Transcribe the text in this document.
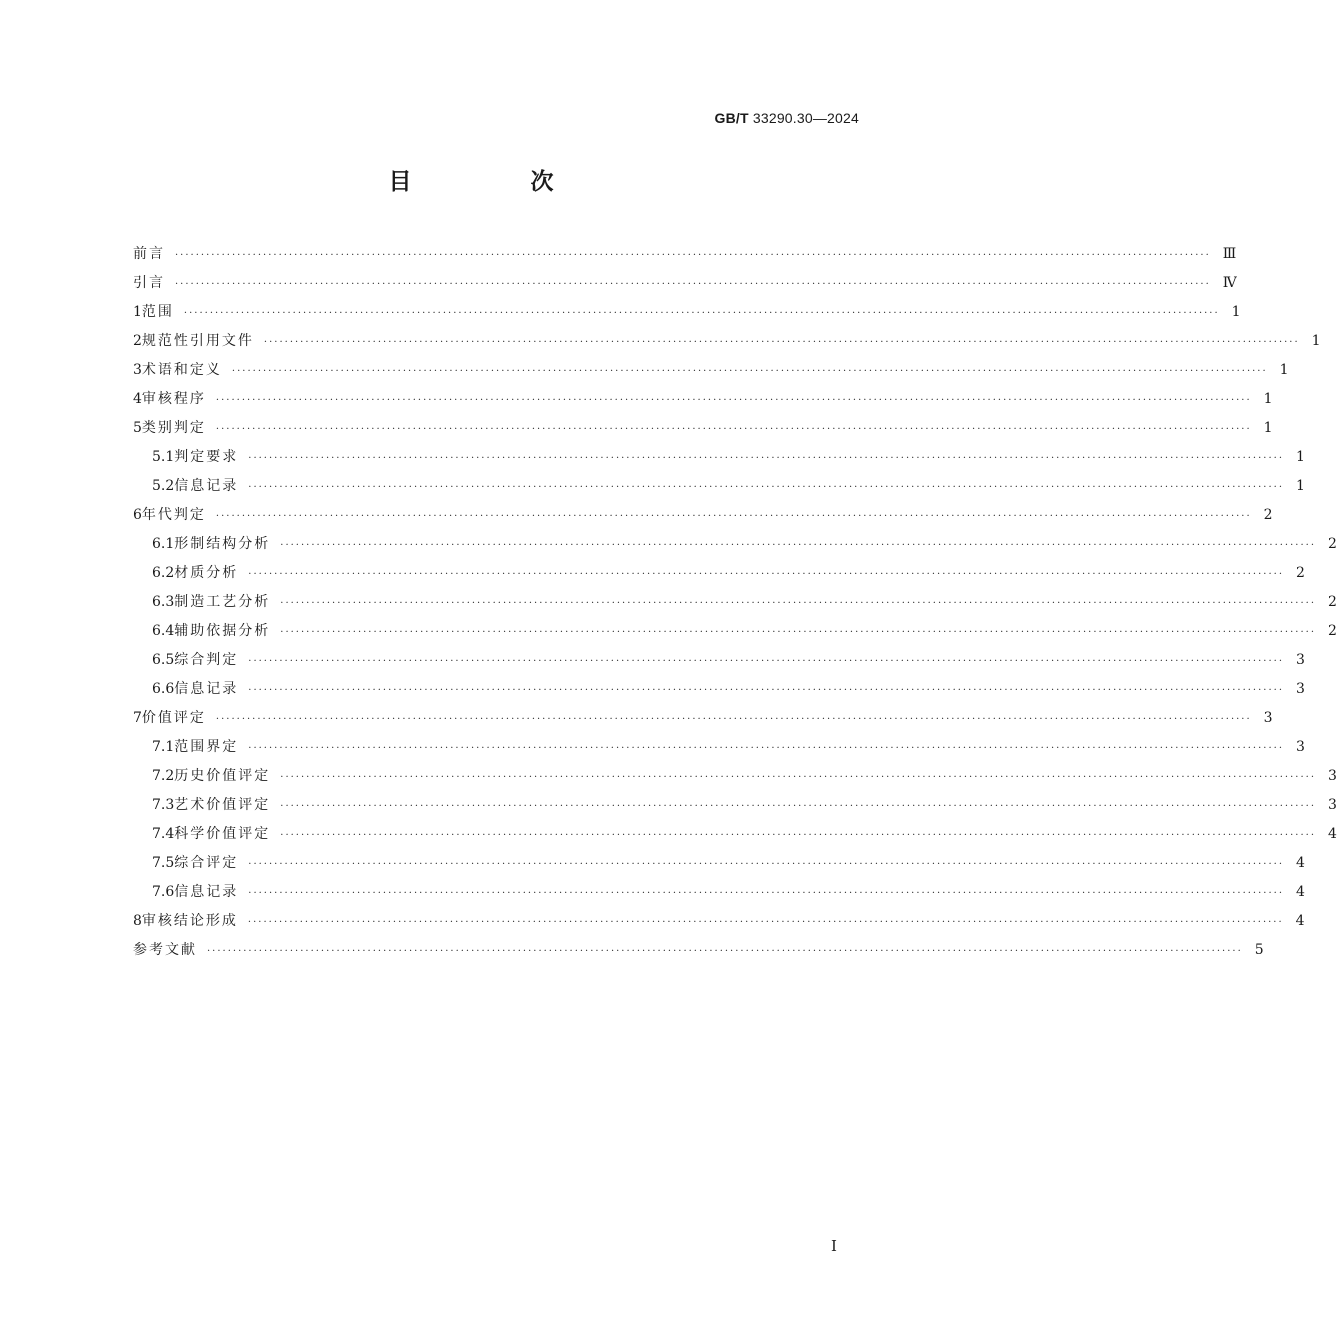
GB/T 33290.30—2024
目　次
前言 ········································································································································································································ Ⅲ
引言 ········································································································································································································ Ⅳ
1 范围 ········································································································································································································ 1
2 规范性引用文件 ········································································································································································································ 1
3 术语和定义 ········································································································································································································ 1
4 审核程序 ········································································································································································································ 1
5 类别判定 ········································································································································································································ 1
5.1 判定要求 ········································································································································································································ 1
5.2 信息记录 ········································································································································································································ 1
6 年代判定 ········································································································································································································ 2
6.1 形制结构分析 ········································································································································································································ 2
6.2 材质分析 ········································································································································································································ 2
6.3 制造工艺分析 ········································································································································································································ 2
6.4 辅助依据分析 ········································································································································································································ 2
6.5 综合判定 ········································································································································································································ 3
6.6 信息记录 ········································································································································································································ 3
7 价值评定 ········································································································································································································ 3
7.1 范围界定 ········································································································································································································ 3
7.2 历史价值评定 ········································································································································································································ 3
7.3 艺术价值评定 ········································································································································································································ 3
7.4 科学价值评定 ········································································································································································································ 4
7.5 综合评定 ········································································································································································································ 4
7.6 信息记录 ········································································································································································································ 4
8 审核结论形成 ········································································································································································································ 4
参考文献 ········································································································································································································ 5
Ⅰ
